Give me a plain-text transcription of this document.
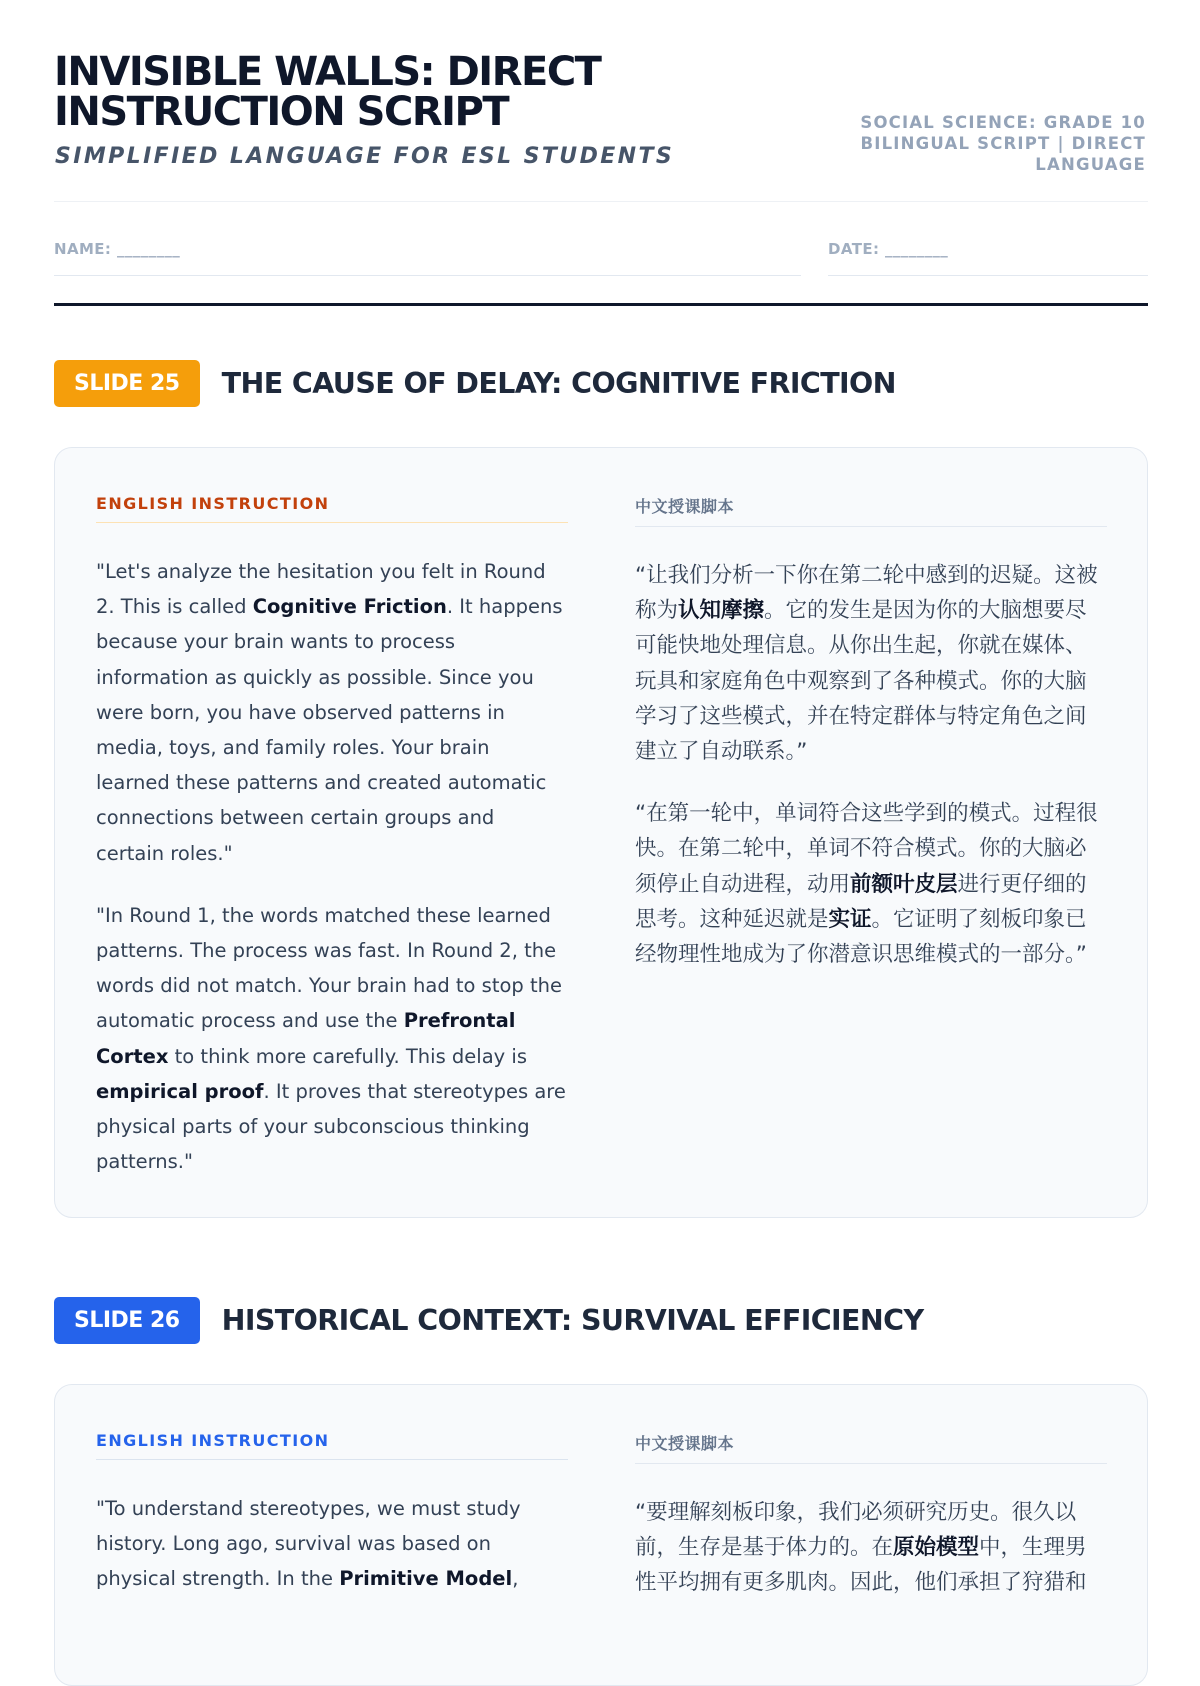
INVISIBLE WALLS: DIRECT INSTRUCTION SCRIPT
SIMPLIFIED LANGUAGE FOR ESL STUDENTS
SOCIAL SCIENCE: GRADE 10 BILINGUAL SCRIPT | DIRECT LANGUAGE
NAME: ________	DATE: ________
SLIDE 25	THE CAUSE OF DELAY: COGNITIVE FRICTION
ENGLISH INSTRUCTION

"Let's analyze the hesitation you felt in Round 2. This is called Cognitive Friction. It happens because your brain wants to process information as quickly as possible. Since you were born, you have observed patterns in media, toys, and family roles. Your brain learned these patterns and created automatic connections between certain groups and certain roles."

"In Round 1, the words matched these learned patterns. The process was fast. In Round 2, the words did not match. Your brain had to stop the automatic process and use the Prefrontal Cortex to think more carefully. This delay is empirical proof. It proves that stereotypes are physical parts of your subconscious thinking patterns."

中文授课脚本

“让我们分析一下你在第二轮中感到的迟疑。这被称为认知摩擦。它的发生是因为你的大脑想要尽可能快地处理信息。从你出生起，你就在媒体、玩具和家庭角色中观察到了各种模式。你的大脑学习了这些模式，并在特定群体与特定角色之间建立了自动联系。”

“在第一轮中，单词符合这些学到的模式。过程很快。在第二轮中，单词不符合模式。你的大脑必须停止自动进程，动用前额叶皮层进行更仔细的思考。这种延迟就是实证。它证明了刻板印象已经物理性地成为了你潜意识思维模式的一部分。”

SLIDE 26	HISTORICAL CONTEXT: SURVIVAL EFFICIENCY
ENGLISH INSTRUCTION

"To understand stereotypes, we must study history. Long ago, survival was based on physical strength. In the Primitive Model,

中文授课脚本

“要理解刻板印象，我们必须研究历史。很久以前，生存是基于体力的。在原始模型中，生理男性平均拥有更多肌肉。因此，他们承担了狩猎和
